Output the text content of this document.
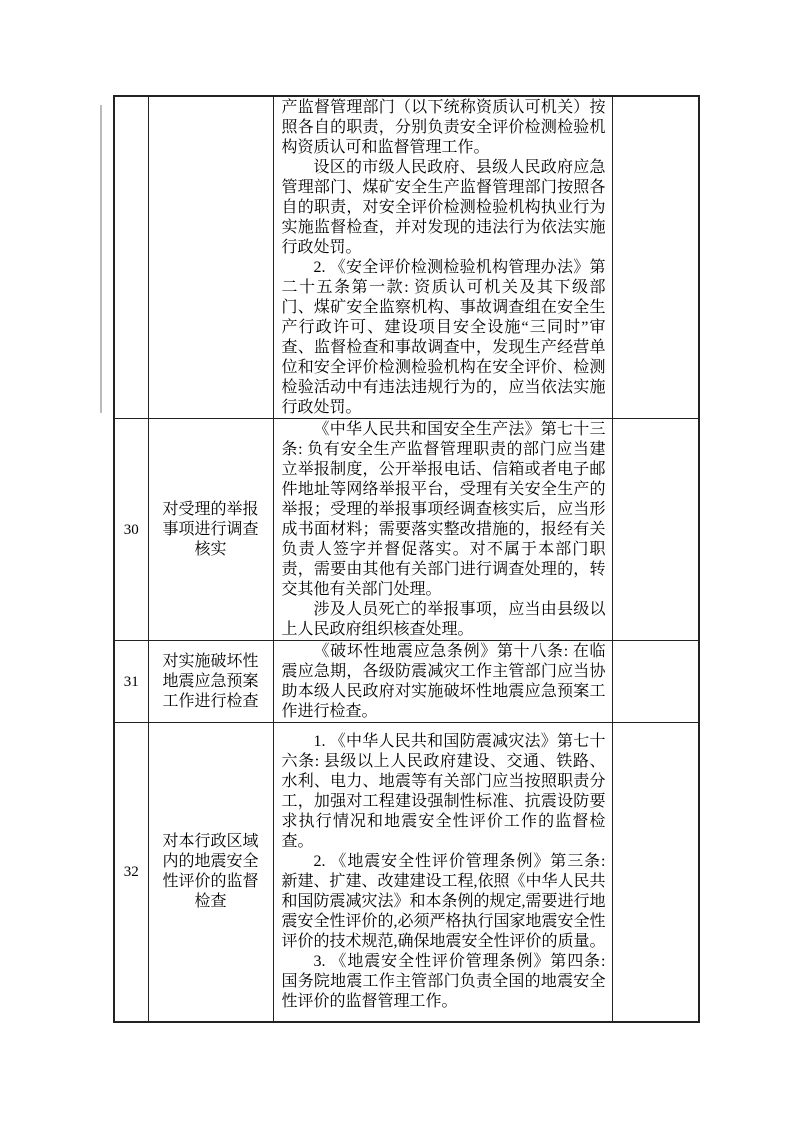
		产监督管理部门（以下统称资质认可机关）按照各自的职责，分别负责安全评价检测检验机构资质认可和监督管理工作。

设区的市级人民政府、县级人民政府应急管理部门、煤矿安全生产监督管理部门按照各自的职责，对安全评价检测检验机构执业行为实施监督检查，并对发现的违法行为依法实施行政处罚。

2. 《安全评价检测检验机构管理办法》第二十五条第一款: 资质认可机关及其下级部门、煤矿安全监察机构、事故调查组在安全生产行政许可、建设项目安全设施“三同时”审查、监督检查和事故调查中，发现生产经营单位和安全评价检测检验机构在安全评价、检测检验活动中有违法违规行为的，应当依法实施行政处罚。	

30	对受理的举报事项进行调查核实	《中华人民共和国安全生产法》第七十三条: 负有安全生产监督管理职责的部门应当建立举报制度，公开举报电话、信箱或者电子邮件地址等网络举报平台，受理有关安全生产的举报；受理的举报事项经调查核实后，应当形成书面材料；需要落实整改措施的，报经有关负责人签字并督促落实。对不属于本部门职责，需要由其他有关部门进行调查处理的，转交其他有关部门处理。

涉及人员死亡的举报事项，应当由县级以上人民政府组织核查处理。	

31	对实施破坏性地震应急预案工作进行检查	《破坏性地震应急条例》第十八条: 在临震应急期，各级防震减灾工作主管部门应当协助本级人民政府对实施破坏性地震应急预案工作进行检查。	

32	对本行政区域内的地震安全性评价的监督检查	1. 《中华人民共和国防震减灾法》第七十六条: 县级以上人民政府建设、交通、铁路、水利、电力、地震等有关部门应当按照职责分工，加强对工程建设强制性标准、抗震设防要求执行情况和地震安全性评价工作的监督检查。

2. 《地震安全性评价管理条例》第三条: 新建、扩建、改建建设工程,依照《中华人民共和国防震减灾法》和本条例的规定,需要进行地震安全性评价的,必须严格执行国家地震安全性评价的技术规范,确保地震安全性评价的质量。

3. 《地震安全性评价管理条例》第四条: 国务院地震工作主管部门负责全国的地震安全性评价的监督管理工作。	
